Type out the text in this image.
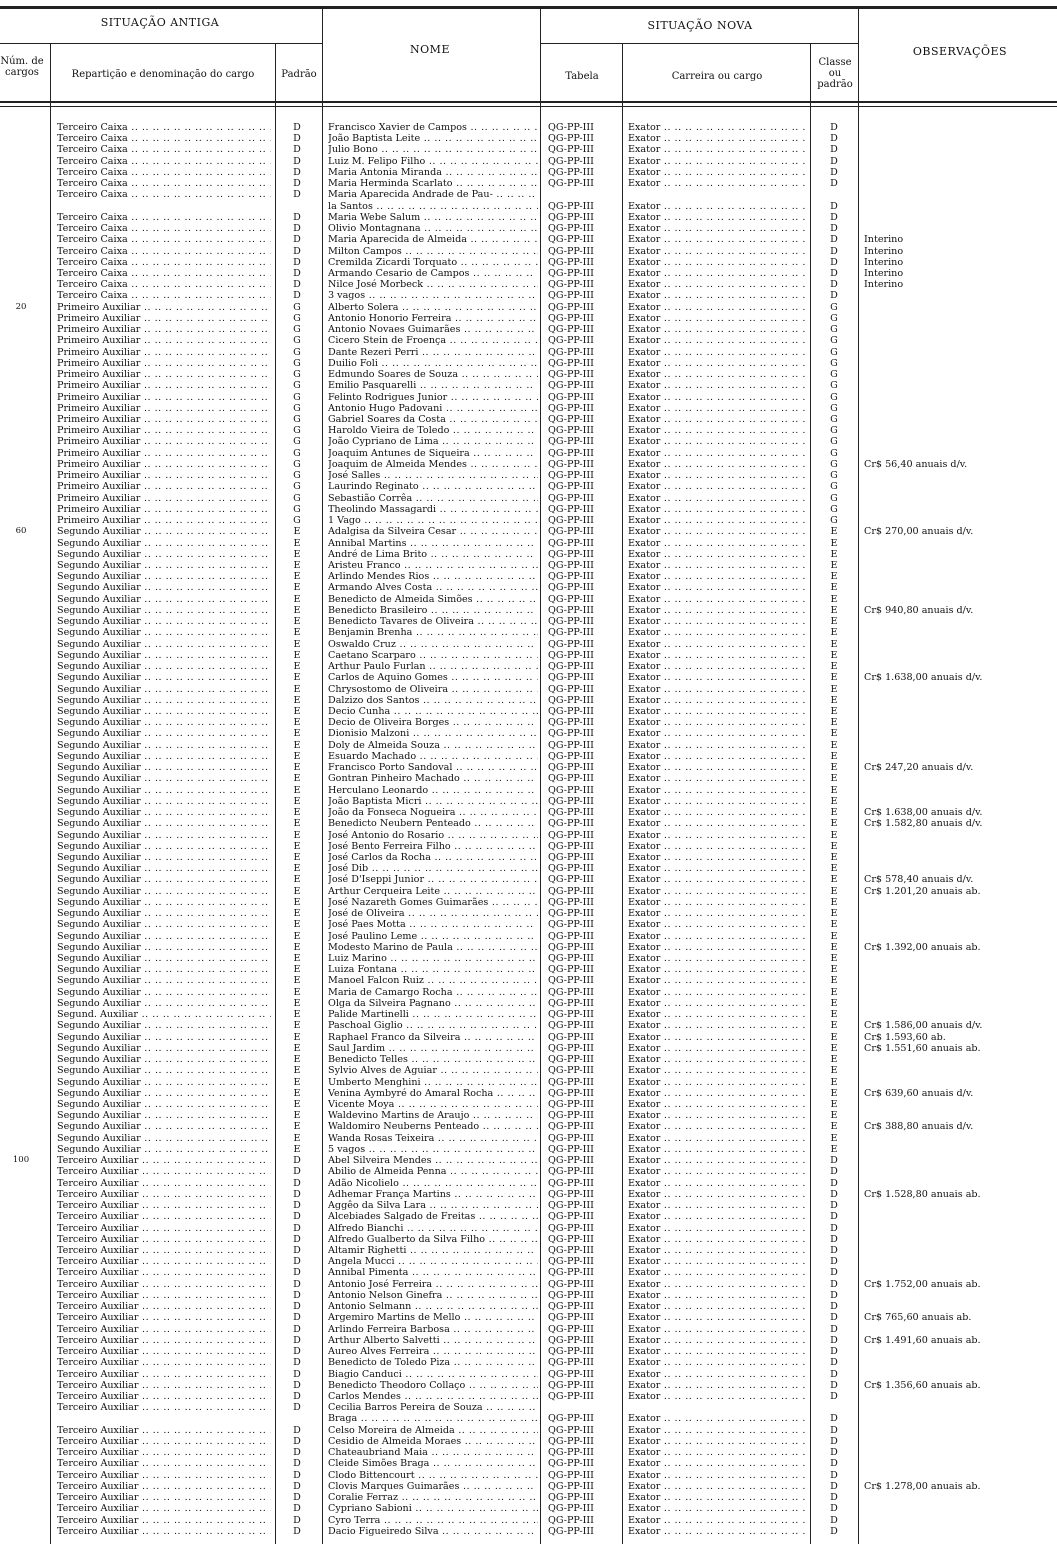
SITUAÇÃO ANTIGA	SITUAÇÃO NOVA
NOME	OBSERVAÇÕES
Núm. de cargos	Repartição e denominação do cargo	Padrão	Tabela	Carreira ou cargo
Classe ou padrão
Terceiro Caixa .. ..	D	Francisco Xavier de Campos .. ..	QG-PP-III	Exator .. ..	D
Terceiro Caixa .. ..	D	João Baptista Leite .. ..	QG-PP-III	Exator .. ..	D
Terceiro Caixa .. ..	D	Julio Bono .. ..	QG-PP-III	Exator .. ..	D
Terceiro Caixa .. ..	D	Luiz M. Felipo Filho .. ..	QG-PP-III	Exator .. ..	D
Terceiro Caixa .. ..	D	Maria Antonia Miranda .. ..	QG-PP-III	Exator .. ..	D
Terceiro Caixa .. ..	D	Maria Herminda Scarlato .. ..	QG-PP-III	Exator .. ..	D
Terceiro Caixa .. ..	D	Maria Aparecida Andrade de Pau- .. ..
la Santos .. ..	QG-PP-III	Exator .. ..	D
Terceiro Caixa .. ..	D	Maria Webe Salum .. ..	QG-PP-III	Exator .. ..	D
Terceiro Caixa .. ..	D	Olivio Montagnana .. ..	QG-PP-III	Exator .. ..	D
Terceiro Caixa .. ..	D	Maria Aparecida de Almeida .. ..	QG-PP-III	Exator .. ..	D	Interino
Terceiro Caixa .. ..	D	Milton Campos .. ..	QG-PP-III	Exator .. ..	D	Interino
Terceiro Caixa .. ..	D	Cremilda Zicardi Torquato .. ..	QG-PP-III	Exator .. ..	D	Interino
Terceiro Caixa .. ..	D	Armando Cesario de Campos .. ..	QG-PP-III	Exator .. ..	D	Interino
Terceiro Caixa .. ..	D	Nilce José Morbeck .. ..	QG-PP-III	Exator .. ..	D	Interino
Terceiro Caixa .. ..	D	3 vagos .. ..	QG-PP-III	Exator .. ..	D
20	Primeiro Auxiliar .. ..	G	Alberto Solera .. ..	QG-PP-III	Exator .. ..	G
Primeiro Auxiliar .. ..	G	Antonio Honorio Ferreira .. ..	QG-PP-III	Exator .. ..	G
Primeiro Auxiliar .. ..	G	Antonio Novaes Guimarães .. ..	QG-PP-III	Exator .. ..	G
Primeiro Auxiliar .. ..	G	Cicero Stein de Froença .. ..	QG-PP-III	Exator .. ..	G
Primeiro Auxiliar .. ..	G	Dante Rezeri Perri .. ..	QG-PP-III	Exator .. ..	G
Primeiro Auxiliar .. ..	G	Duilio Foli .. ..	QG-PP-III	Exator .. ..	G
Primeiro Auxiliar .. ..	G	Edmundo Soares de Souza .. ..	QG-PP-III	Exator .. ..	G
Primeiro Auxiliar .. ..	G	Emilio Pasquarelli .. ..	QG-PP-III	Exator .. ..	G
Primeiro Auxiliar .. ..	G	Felinto Rodrigues Junior .. ..	QG-PP-III	Exator .. ..	G
Primeiro Auxiliar .. ..	G	Antonio Hugo Padovani .. ..	QG-PP-III	Exator .. ..	G
Primeiro Auxiliar .. ..	G	Gabriel Soares da Costa .. ..	QG-PP-III	Exator .. ..	G
Primeiro Auxiliar .. ..	G	Haroldo Vieira de Toledo .. ..	QG-PP-III	Exator .. ..	G
Primeiro Auxiliar .. ..	G	João Cypriano de Lima .. ..	QG-PP-III	Exator .. ..	G
Primeiro Auxiliar .. ..	G	Joaquim Antunes de Siqueira .. ..	QG-PP-III	Exator .. ..	G
Primeiro Auxiliar .. ..	G	Joaquim de Almeida Mendes .. ..	QG-PP-III	Exator .. ..	G	Cr$ 56,40 anuais d/v.
Primeiro Auxiliar .. ..	G	José Salles .. ..	QG-PP-III	Exator .. ..	G
Primeiro Auxiliar .. ..	G	Laurindo Reginato .. ..	QG-PP-III	Exator .. ..	G
Primeiro Auxiliar .. ..	G	Sebastião Corrêa .. ..	QG-PP-III	Exator .. ..	G
Primeiro Auxiliar .. ..	G	Theolindo Massagardi .. ..	QG-PP-III	Exator .. ..	G
Primeiro Auxiliar .. ..	G	1 Vago .. ..	QG-PP-III	Exator .. ..	G
60	Segundo Auxiliar .. ..	E	Adalgisa da Silveira Cesar .. ..	QG-PP-III	Exator .. ..	E	Cr$ 270,00 anuais d/v.
Segundo Auxiliar .. ..	E	Annibal Martins .. ..	QG-PP-III	Exator .. ..	E
Segundo Auxiliar .. ..	E	André de Lima Brito .. ..	QG-PP-III	Exator .. ..	E
Segundo Auxiliar .. ..	E	Aristeu Franco .. ..	QG-PP-III	Exator .. ..	E
Segundo Auxiliar .. ..	E	Arlindo Mendes Rios .. ..	QG-PP-III	Exator .. ..	E
Segundo Auxiliar .. ..	E	Armando Alves Costa .. ..	QG-PP-III	Exator .. ..	E
Segundo Auxiliar .. ..	E	Benedicto de Almeida Simões .. ..	QG-PP-III	Exator .. ..	E
Segundo Auxiliar .. ..	E	Benedicto Brasileiro .. ..	QG-PP-III	Exator .. ..	E	Cr$ 940,80 anuais d/v.
Segundo Auxiliar .. ..	E	Benedicto Tavares de Oliveira .. ..	QG-PP-III	Exator .. ..	E
Segundo Auxiliar .. ..	E	Benjamin Brenha .. ..	QG-PP-III	Exator .. ..	E
Segundo Auxiliar .. ..	E	Oswaldo Cruz .. ..	QG-PP-III	Exator .. ..	E
Segundo Auxiliar .. ..	E	Caetano Scarparo .. ..	QG-PP-III	Exator .. ..	E
Segundo Auxiliar .. ..	E	Arthur Paulo Furlan .. ..	QG-PP-III	Exator .. ..	E
Segundo Auxiliar .. ..	E	Carlos de Aquino Gomes .. ..	QG-PP-III	Exator .. ..	E	Cr$ 1.638,00 anuais d/v.
Segundo Auxiliar .. ..	E	Chrysostomo de Oliveira .. ..	QG-PP-III	Exator .. ..	E
Segundo Auxiliar .. ..	E	Dalzizo dos Santos .. ..	QG-PP-III	Exator .. ..	E
Segundo Auxiliar .. ..	E	Decio Cunha .. ..	QG-PP-III	Exator .. ..	E
Segundo Auxiliar .. ..	E	Decio de Oliveira Borges .. ..	QG-PP-III	Exator .. ..	E
Segundo Auxiliar .. ..	E	Dionisio Malzoni .. ..	QG-PP-III	Exator .. ..	E
Segundo Auxiliar .. ..	E	Doly de Almeida Souza .. ..	QG-PP-III	Exator .. ..	E
Segundo Auxiliar .. ..	E	Esuardo Machado .. ..	QG-PP-III	Exator .. ..	E
Segundo Auxiliar .. ..	E	Francisco Porto Sandoval .. ..	QG-PP-III	Exator .. ..	E	Cr$ 247,20 anuais d/v.
Segundo Auxiliar .. ..	E	Gontran Pinheiro Machado .. ..	QG-PP-III	Exator .. ..	E
Segundo Auxiliar .. ..	E	Herculano Leonardo .. ..	QG-PP-III	Exator .. ..	E
Segundo Auxiliar .. ..	E	João Baptista Micri .. ..	QG-PP-III	Exator .. ..	E
Segundo Auxiliar .. ..	E	João da Fonseca Nogueira .. ..	QG-PP-III	Exator .. ..	E	Cr$ 1.638,00 anuais d/v.
Segundo Auxiliar .. ..	E	Benedicto Neubern Penteado .. ..	QG-PP-III	Exator .. ..	E	Cr$ 1.582,80 anuais d/v.
Segundo Auxiliar .. ..	E	José Antonio do Rosario .. ..	QG-PP-III	Exator .. ..	E
Segundo Auxiliar .. ..	E	José Bento Ferreira Filho .. ..	QG-PP-III	Exator .. ..	E
Segundo Auxiliar .. ..	E	José Carlos da Rocha .. ..	QG-PP-III	Exator .. ..	E
Segundo Auxiliar .. ..	E	José Dib .. ..	QG-PP-III	Exator .. ..	E
Segundo Auxiliar .. ..	E	José D'Iseppi Junior .. ..	QG-PP-III	Exator .. ..	E	Cr$ 578,40 anuais d/v.
Segundo Auxiliar .. ..	E	Arthur Cerqueira Leite .. ..	QG-PP-III	Exator .. ..	E	Cr$ 1.201,20 anuais ab.
Segundo Auxiliar .. ..	E	José Nazareth Gomes Guimarães .. ..	QG-PP-III	Exator .. ..	E
Segundo Auxiliar .. ..	E	José de Oliveira .. ..	QG-PP-III	Exator .. ..	E
Segundo Auxiliar .. ..	E	José Paes Motta .. ..	QG-PP-III	Exator .. ..	E
Segundo Auxiliar .. ..	E	José Paulino Leme .. ..	QG-PP-III	Exator .. ..	E
Segundo Auxiliar .. ..	E	Modesto Marino de Paula .. ..	QG-PP-III	Exator .. ..	E	Cr$ 1.392,00 anuais ab.
Segundo Auxiliar .. ..	E	Luiz Marino .. ..	QG-PP-III	Exator .. ..	E
Segundo Auxiliar .. ..	E	Luiza Fontana .. ..	QG-PP-III	Exator .. ..	E
Segundo Auxiliar .. ..	E	Manoel Falcon Ruiz .. ..	QG-PP-III	Exator .. ..	E
Segundo Auxiliar .. ..	E	Maria de Camargo Rocha .. ..	QG-PP-III	Exator .. ..	E
Segundo Auxiliar .. ..	E	Olga da Silveira Pagnano .. ..	QG-PP-III	Exator .. ..	E
Segund. Auxiliar .. ..	E	Palide Martinelli .. ..	QG-PP-III	Exator .. ..	E
Segundo Auxiliar .. ..	E	Paschoal Giglio .. ..	QG-PP-III	Exator .. ..	E	Cr$ 1.586,00 anuais d/v.
Segundo Auxiliar .. ..	E	Raphael Franco da Silveira .. ..	QG-PP-III	Exator .. ..	E	Cr$ 1.593,60 ab.
Segundo Auxiliar .. ..	E	Saul Jardim .. ..	QG-PP-III	Exator .. ..	E	Cr$ 1.551,60 anuais ab.
Segundo Auxiliar .. ..	E	Benedicto Telles .. ..	QG-PP-III	Exator .. ..	E
Segundo Auxiliar .. ..	E	Sylvio Alves de Aguiar .. ..	QG-PP-III	Exator .. ..	E
Segundo Auxiliar .. ..	E	Umberto Menghini .. ..	QG-PP-III	Exator .. ..	E
Segundo Auxiliar .. ..	E	Venina Aymbyré do Amaral Rocha .. ..	QG-PP-III	Exator .. ..	E	Cr$ 639,60 anuais d/v.
Segundo Auxiliar .. ..	E	Vicente Moya .. ..	QG-PP-III	Exator .. ..	E
Segundo Auxiliar .. ..	E	Waldevino Martins de Araujo .. ..	QG-PP-III	Exator .. ..	E
Segundo Auxiliar .. ..	E	Waldomiro Neuberns Penteado .. ..	QG-PP-III	Exator .. ..	E	Cr$ 388,80 anuais d/v.
Segundo Auxiliar .. ..	E	Wanda Rosas Teixeira .. ..	QG-PP-III	Exator .. ..	E
Segundo Auxiliar .. ..	E	5 vagos .. ..	QG-PP-III	Exator .. ..	E
100	Terceiro Auxiliar .. ..	D	Abel Silveira Mendes .. ..	QG-PP-III	Exator .. ..	D
Terceiro Auxiliar .. ..	D	Abilio de Almeida Penna .. ..	QG-PP-III	Exator .. ..	D
Terceiro Auxiliar .. ..	D	Adão Nicolielo .. ..	QG-PP-III	Exator .. ..	D
Terceiro Auxiliar .. ..	D	Adhemar França Martins .. ..	QG-PP-III	Exator .. ..	D	Cr$ 1.528,80 anuais ab.
Terceiro Auxiliar .. ..	D	Aggêo da Silva Lara .. ..	QG-PP-III	Exator .. ..	D
Terceiro Auxiliar .. ..	D	Alcebiades Salgado de Freitas .. ..	QG-PP-III	Exator .. ..	D
Terceiro Auxiliar .. ..	D	Alfredo Bianchi .. ..	QG-PP-III	Exator .. ..	D
Terceiro Auxiliar .. ..	D	Alfredo Gualberto da Silva Filho .. ..	QG-PP-III	Exator .. ..	D
Terceiro Auxiliar .. ..	D	Altamir Righetti .. ..	QG-PP-III	Exator .. ..	D
Terceiro Auxiliar .. ..	D	Angela Mucci .. ..	QG-PP-III	Exator .. ..	D
Terceiro Auxiliar .. ..	D	Annibal Pimenta .. ..	QG-PP-III	Exator .. ..	D
Terceiro Auxiliar .. ..	D	Antonio José Ferreira .. ..	QG-PP-III	Exator .. ..	D	Cr$ 1.752,00 anuais ab.
Terceiro Auxiliar .. ..	D	Antonio Nelson Ginefra .. ..	QG-PP-III	Exator .. ..	D
Terceiro Auxiliar .. ..	D	Antonio Selmann .. ..	QG-PP-III	Exator .. ..	D
Terceiro Auxiliar .. ..	D	Argemiro Martins de Mello .. ..	QG-PP-III	Exator .. ..	D	Cr$ 765,60 anuais ab.
Terceiro Auxiliar .. ..	D	Arlindo Ferreira Barbosa .. ..	QG-PP-III	Exator .. ..	D
Terceiro Auxiliar .. ..	D	Arthur Alberto Salvetti .. ..	QG-PP-III	Exator .. ..	D	Cr$ 1.491,60 anuais ab.
Terceiro Auxiliar .. ..	D	Aureo Alves Ferreira .. ..	QG-PP-III	Exator .. ..	D
Terceiro Auxiliar .. ..	D	Benedicto de Toledo Piza .. ..	QG-PP-III	Exator .. ..	D
Terceiro Auxiliar .. ..	D	Biagio Canduci .. ..	QG-PP-III	Exator .. ..	D
Terceiro Auxiliar .. ..	D	Benedicto Theodoro Collaço .. ..	QG-PP-III	Exator .. ..	D	Cr$ 1.356,60 anuais ab.
Terceiro Auxiliar .. ..	D	Carlos Mendes .. ..	QG-PP-III	Exator .. ..	D
Terceiro Auxiliar .. ..	D	Cecilia Barros Pereira de Souza .. ..
Braga .. ..	QG-PP-III	Exator .. ..	D
Terceiro Auxiliar .. ..	D	Celso Moreira de Almeida .. ..	QG-PP-III	Exator .. ..	D
Terceiro Auxiliar .. ..	D	Cesidio de Almeida Moraes .. ..	QG-PP-III	Exator .. ..	D
Terceiro Auxiliar .. ..	D	Chateaubriand Maia .. ..	QG-PP-III	Exator .. ..	D
Terceiro Auxiliar .. ..	D	Cleide Simões Braga .. ..	QG-PP-III	Exator .. ..	D
Terceiro Auxiliar .. ..	D	Clodo Bittencourt .. ..	QG-PP-III	Exator .. ..	D
Terceiro Auxiliar .. ..	D	Clovis Marques Guimarães .. ..	QG-PP-III	Exator .. ..	D	Cr$ 1.278,00 anuais ab.
Terceiro Auxiliar .. ..	D	Coralie Ferraz .. ..	QG-PP-III	Exator .. ..	D
Terceiro Auxiliar .. ..	D	Cypriano Sabioni .. ..	QG-PP-III	Exator .. ..	D
Terceiro Auxiliar .. ..	D	Cyro Terra .. ..	QG-PP-III	Exator .. ..	D
Terceiro Auxiliar .. ..	D	Dacio Figueiredo Silva .. ..	QG-PP-III	Exator .. ..	D
